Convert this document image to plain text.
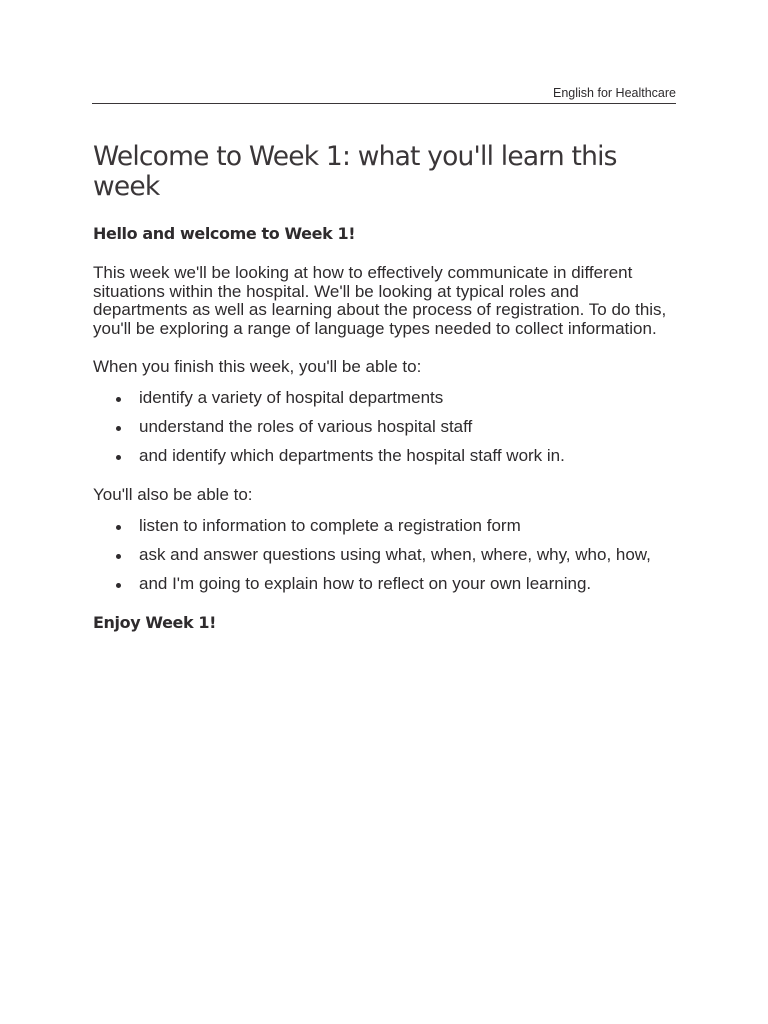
English for Healthcare
Welcome to Week 1: what you'll learn this week
Hello and welcome to Week 1!

This week we'll be looking at how to effectively communicate in different situations within the hospital. We'll be looking at typical roles and departments as well as learning about the process of registration. To do this, you'll be exploring a range of language types needed to collect information.

When you finish this week, you'll be able to:

identify a variety of hospital departments
understand the roles of various hospital staff
and identify which departments the hospital staff work in.

You'll also be able to:

listen to information to complete a registration form
ask and answer questions using what, when, where, why, who, how,
and I'm going to explain how to reflect on your own learning.
Enjoy Week 1!
